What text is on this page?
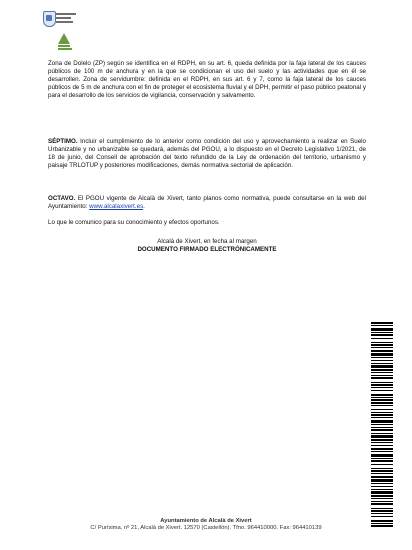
Zona de Dolelo (ZP) según se identifica en el RDPH, en su art. 6, queda definida por la faja lateral de los cauces públicos de 100 m de anchura y en la que se condicionan el uso del suelo y las actividades que en él se desarrollen. Zona de servidumbre: definida en el RDPH, en sus art. 6 y 7, como la faja lateral de los cauces públicos de 5 m de anchura con el fin de proteger el ecosistema fluvial y el DPH, permitir el paso público peatonal y para el desarrollo de los servicios de vigilancia, conservación y salvamento.

SÉPTIMO. Incluir el cumplimiento de lo anterior como condición del uso y aprovechamiento a realizar en Suelo Urbanizable y no urbanizable se quedará, además del PGOU, a lo dispuesto en el Decreto Legislativo 1/2021, de 18 de junio, del Consell de aprobación del texto refundido de la Ley de ordenación del territorio, urbanismo y paisaje TRLOTUP y posteriores modificaciones, demás normativa sectorial de aplicación.

OCTAVO. El PGOU vigente de Alcalà de Xivert, tanto planos como normativa, puede consultarse en la web del Ayuntamiento: www.alcalaxivert.es.

Lo que le comunico para su conocimiento y efectos oportunos.

Alcalà de Xivert, en fecha al margen
DOCUMENTO FIRMADO ELECTRÓNICAMENTE
Ayuntamiento de Alcalà de Xivert
C/ Purísima, nº 21, Alcalà de Xivert. 12570 (Castellón). Tfno. 964410000. Fax: 964410139
